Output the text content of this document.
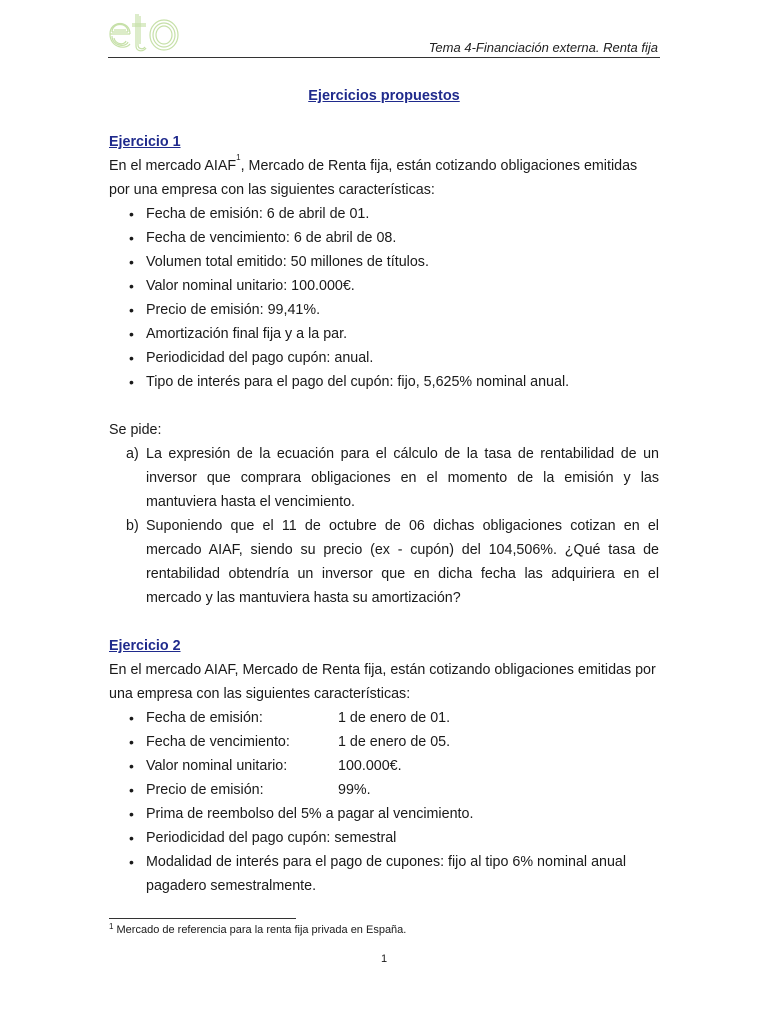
Tema 4-Financiación externa. Renta fija

Ejercicios propuestos

Ejercicio 1

En el mercado AIAF$^1$, Mercado de Renta fija, están cotizando obligaciones emitidas por una empresa con las siguientes características:

• Fecha de emisión: 6 de abril de 01.
• Fecha de vencimiento: 6 de abril de 08.
• Volumen total emitido: 50 millones de títulos.
• Valor nominal unitario: 100.000€.
• Precio de emisión: 99,41%.
• Amortización final fija y a la par.
• Periodicidad del pago cupón: anual.
• Tipo de interés para el pago del cupón: fijo, 5,625% nominal anual.

Se pide:

a) La expresión de la ecuación para el cálculo de la tasa de rentabilidad de un inversor que comprara obligaciones en el momento de la emisión y las mantuviera hasta el vencimiento.
b) Suponiendo que el 11 de octubre de 06 dichas obligaciones cotizan en el mercado AIAF, siendo su precio (ex - cupón) del 104,506%. ¿Qué tasa de rentabilidad obtendría un inversor que en dicha fecha las adquiriera en el mercado y las mantuviera hasta su amortización?

Ejercicio 2

En el mercado AIAF, Mercado de Renta fija, están cotizando obligaciones emitidas por una empresa con las siguientes características:

• Fecha de emisión:	1 de enero de 01.
• Fecha de vencimiento:	1 de enero de 05.
• Valor nominal unitario:	100.000€.
• Precio de emisión:	99%.
• Prima de reembolso del 5% a pagar al vencimiento.
• Periodicidad del pago cupón: semestral
• Modalidad de interés para el pago de cupones: fijo al tipo 6% nominal anual pagadero semestralmente.
$^1$ Mercado de referencia para la renta fija privada en España.
1
